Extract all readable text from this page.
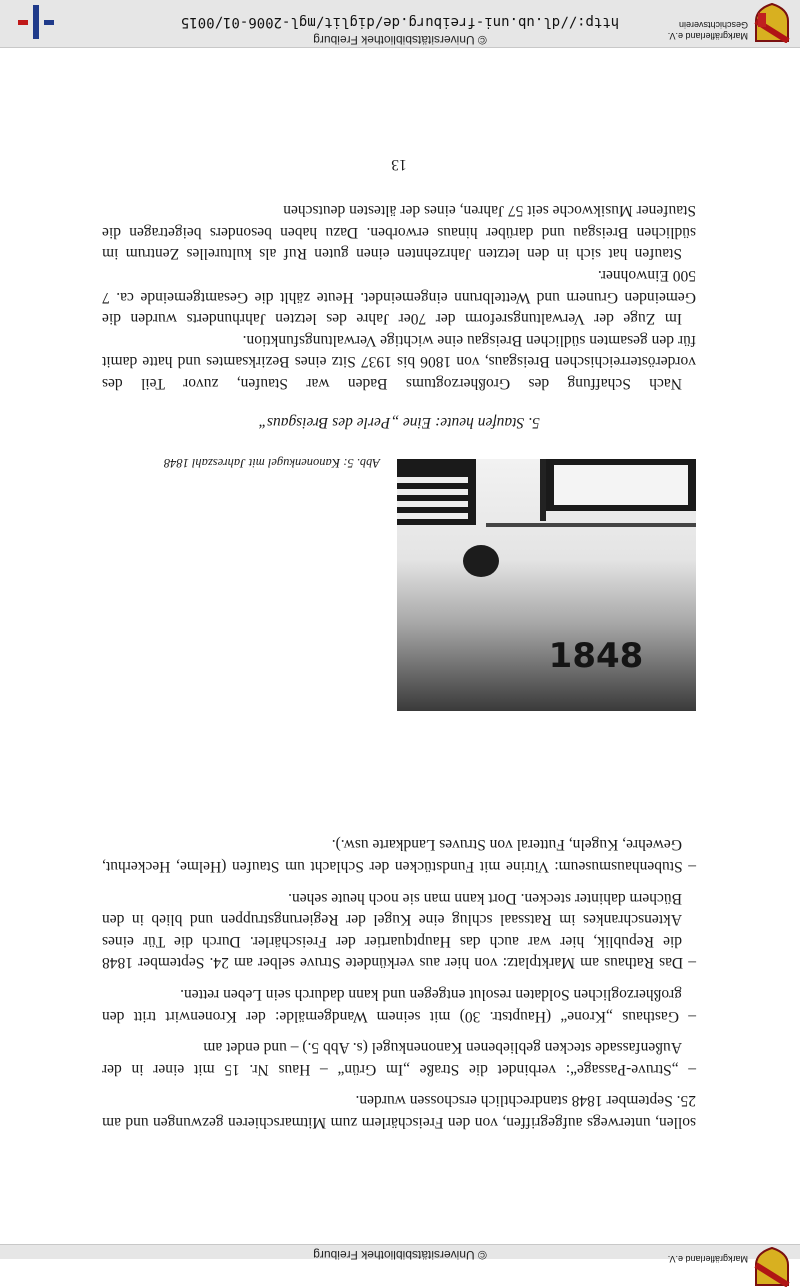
© Universitätsbibliothek Freiburg	Markgräflerland e.V.

sollen, unterwegs aufgegriffen, von den Freischärlern zum Mitmarschieren gezwungen und am 25. September 1848 standrechtlich erschossen wurden.

– „Struve-Passage“: verbindet die Straße „Im Grün“ – Haus Nr. 15 mit einer in der Außenfassade stecken gebliebenen Kanonenkugel (s. Abb 5.) – und endet am

– Gasthaus „Krone“ (Hauptstr. 30) mit seinem Wandgemälde: der Kronenwirt tritt den großherzoglichen Soldaten resolut entgegen und kann dadurch sein Leben retten.

– Das Rathaus am Marktplatz: von hier aus verkündete Struve selber am 24. September 1848 die Republik, hier war auch das Hauptquartier der Freischärler. Durch die Tür eines Aktenschrankes im Ratssaal schlug eine Kugel der Regierungstruppen und blieb in den Büchern dahinter stecken. Dort kann man sie noch heute sehen.

– Stubenhausmuseum: Vitrine mit Fundstücken der Schlacht um Staufen (Helme, Heckerhut, Gewehre, Kugeln, Futteral von Struves Landkarte usw.).

1848
Abb. 5: Kanonenkugel mit Jahreszahl 1848
5. Staufen heute: Eine „Perle des Breisgaus“

Nach Schaffung des Großherzogtums Baden war Staufen, zuvor Teil des vorderösterreichischen Breisgaus, von 1806 bis 1937 Sitz eines Bezirksamtes und hatte damit für den gesamten südlichen Breisgau eine wichtige Verwaltungsfunktion.

Im Zuge der Verwaltungsreform der 70er Jahre des letzten Jahrhunderts wurden die Gemeinden Grunern und Wettelbrunn eingemeindet. Heute zählt die Gesamtgemeinde ca. 7 500 Einwohner.

Staufen hat sich in den letzten Jahrzehnten einen guten Ruf als kulturelles Zentrum im südlichen Breisgau und darüber hinaus erworben. Dazu haben besonders beigetragen die Staufener Musikwoche seit 57 Jahren, eines der ältesten deutschen

13
© Universitätsbibliothek Freiburg
http://dl.ub.uni-freiburg.de/diglit/mgl-2006-01/0015
Markgräflerland e.V.
Geschichtsverein
